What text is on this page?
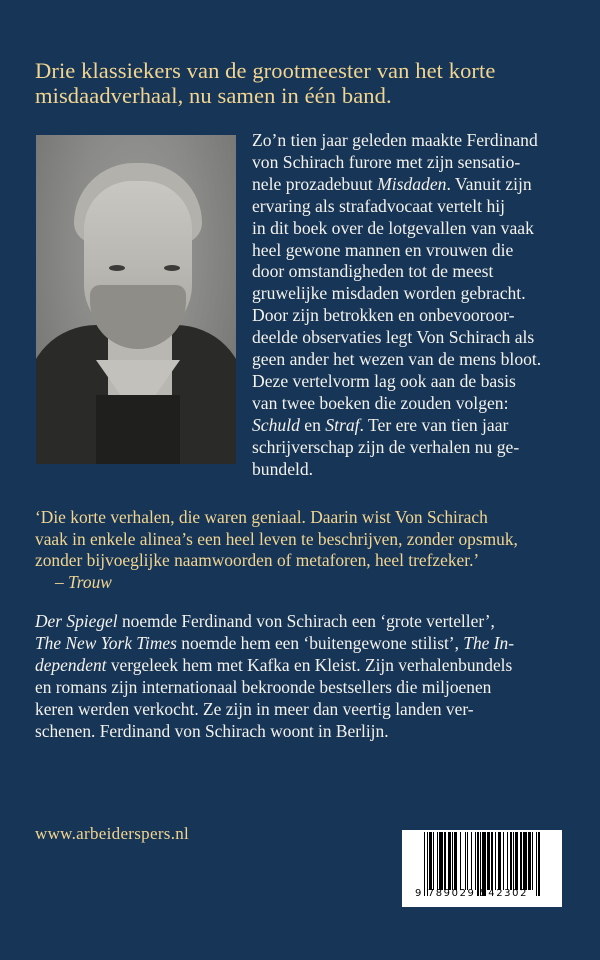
Drie klassiekers van de grootmeester van het korte
misdaadverhaal, nu samen in één band.
Zo’n tien jaar geleden maakte Ferdinand
von Schirach furore met zijn sensatio-
nele prozadebuut Misdaden. Vanuit zijn
ervaring als strafadvocaat vertelt hij
in dit boek over de lotgevallen van vaak
heel gewone mannen en vrouwen die
door omstandigheden tot de meest
gruwelijke misdaden worden gebracht.
Door zijn betrokken en onbevooroor-
deelde observaties legt Von Schirach als
geen ander het wezen van de mens bloot.
Deze vertelvorm lag ook aan de basis
van twee boeken die zouden volgen:
Schuld en Straf. Ter ere van tien jaar
schrijverschap zijn de verhalen nu ge-
bundeld.
‘Die korte verhalen, die waren geniaal. Daarin wist Von Schirach
vaak in enkele alinea’s een heel leven te beschrijven, zonder opsmuk,
zonder bijvoeglijke naamwoorden of metaforen, heel trefzeker.’
– Trouw
Der Spiegel noemde Ferdinand von Schirach een ‘grote verteller’,
The New York Times noemde hem een ‘buitengewone stilist’, The In-
dependent vergeleek hem met Kafka en Kleist. Zijn verhalenbundels
en romans zijn internationaal bekroonde bestsellers die miljoenen
keren werden verkocht. Ze zijn in meer dan veertig landen ver-
schenen. Ferdinand von Schirach woont in Berlijn.
www.arbeiderspers.nl
9 789029 542302
